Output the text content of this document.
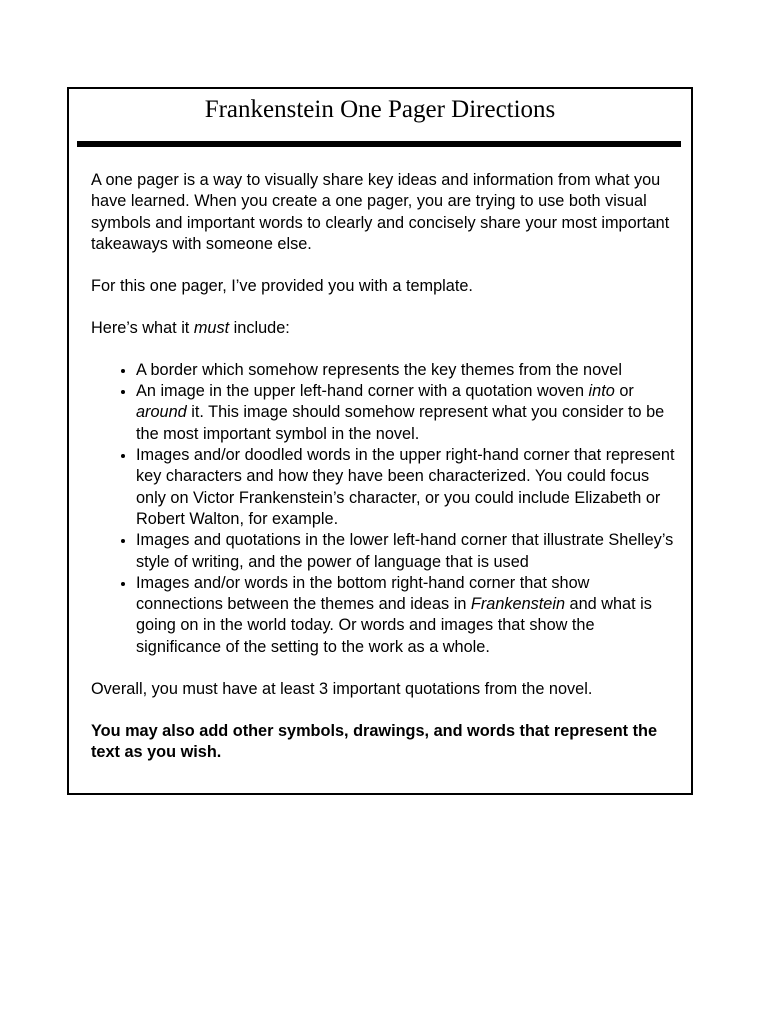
Frankenstein One Pager Directions

A one pager is a way to visually share key ideas and information from what you have learned. When you create a one pager, you are trying to use both visual symbols and important words to clearly and concisely share your most important takeaways with someone else.

For this one pager, I’ve provided you with a template.

Here’s what it must include:

• A border which somehow represents the key themes from the novel
• An image in the upper left-hand corner with a quotation woven into or around it. This image should somehow represent what you consider to be the most important symbol in the novel.
• Images and/or doodled words in the upper right-hand corner that represent key characters and how they have been characterized. You could focus only on Victor Frankenstein’s character, or you could include Elizabeth or Robert Walton, for example.
• Images and quotations in the lower left-hand corner that illustrate Shelley’s style of writing, and the power of language that is used
• Images and/or words in the bottom right-hand corner that show connections between the themes and ideas in Frankenstein and what is going on in the world today. Or words and images that show the significance of the setting to the work as a whole.

Overall, you must have at least 3 important quotations from the novel.

You may also add other symbols, drawings, and words that represent the text as you wish.
